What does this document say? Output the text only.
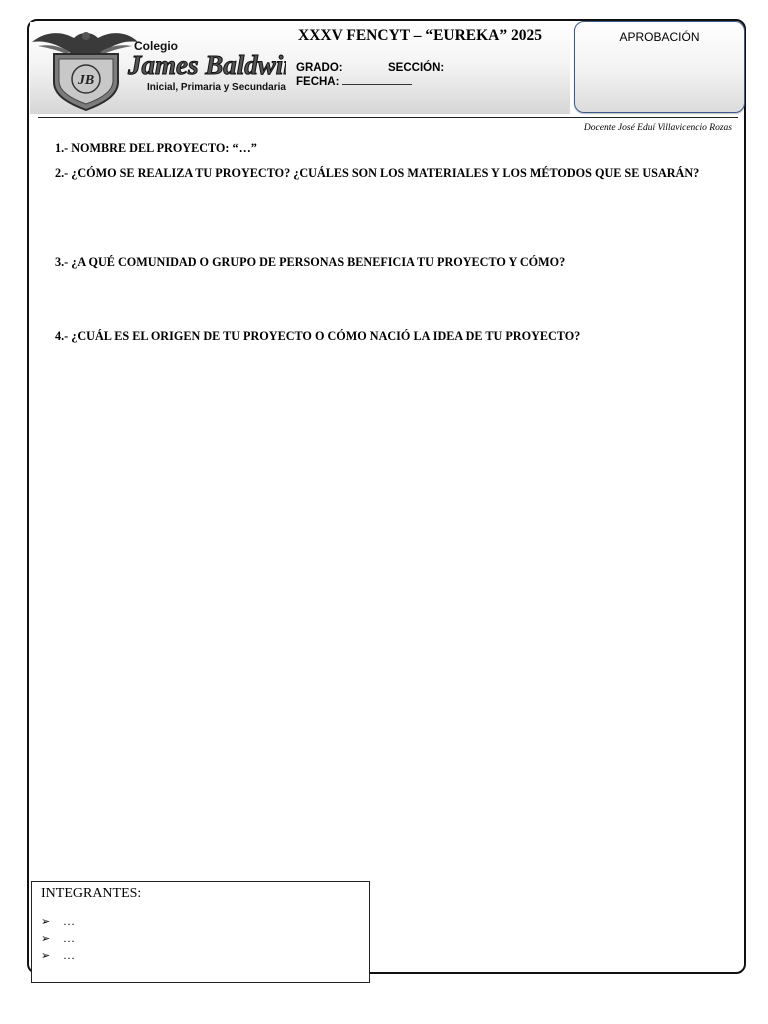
JB
Colegio
James Baldwin
Inicial, Primaria y Secundaria
XXXV FENCYT – “EUREKA” 2025
GRADO:	SECCIÓN:
FECHA:
APROBACIÓN
Docente José Eduí Villavicencio Rozas
1.- NOMBRE DEL PROYECTO: “…”
2.- ¿CÓMO SE REALIZA TU PROYECTO? ¿CUÁLES SON LOS MATERIALES Y LOS MÉTODOS QUE SE USARÁN?
3.- ¿A QUÉ COMUNIDAD O GRUPO DE PERSONAS BENEFICIA TU PROYECTO Y CÓMO?
4.- ¿CUÁL ES EL ORIGEN DE TU PROYECTO O CÓMO NACIÓ LA IDEA DE TU PROYECTO?
INTEGRANTES:
➢ …
➢ …
➢ …
